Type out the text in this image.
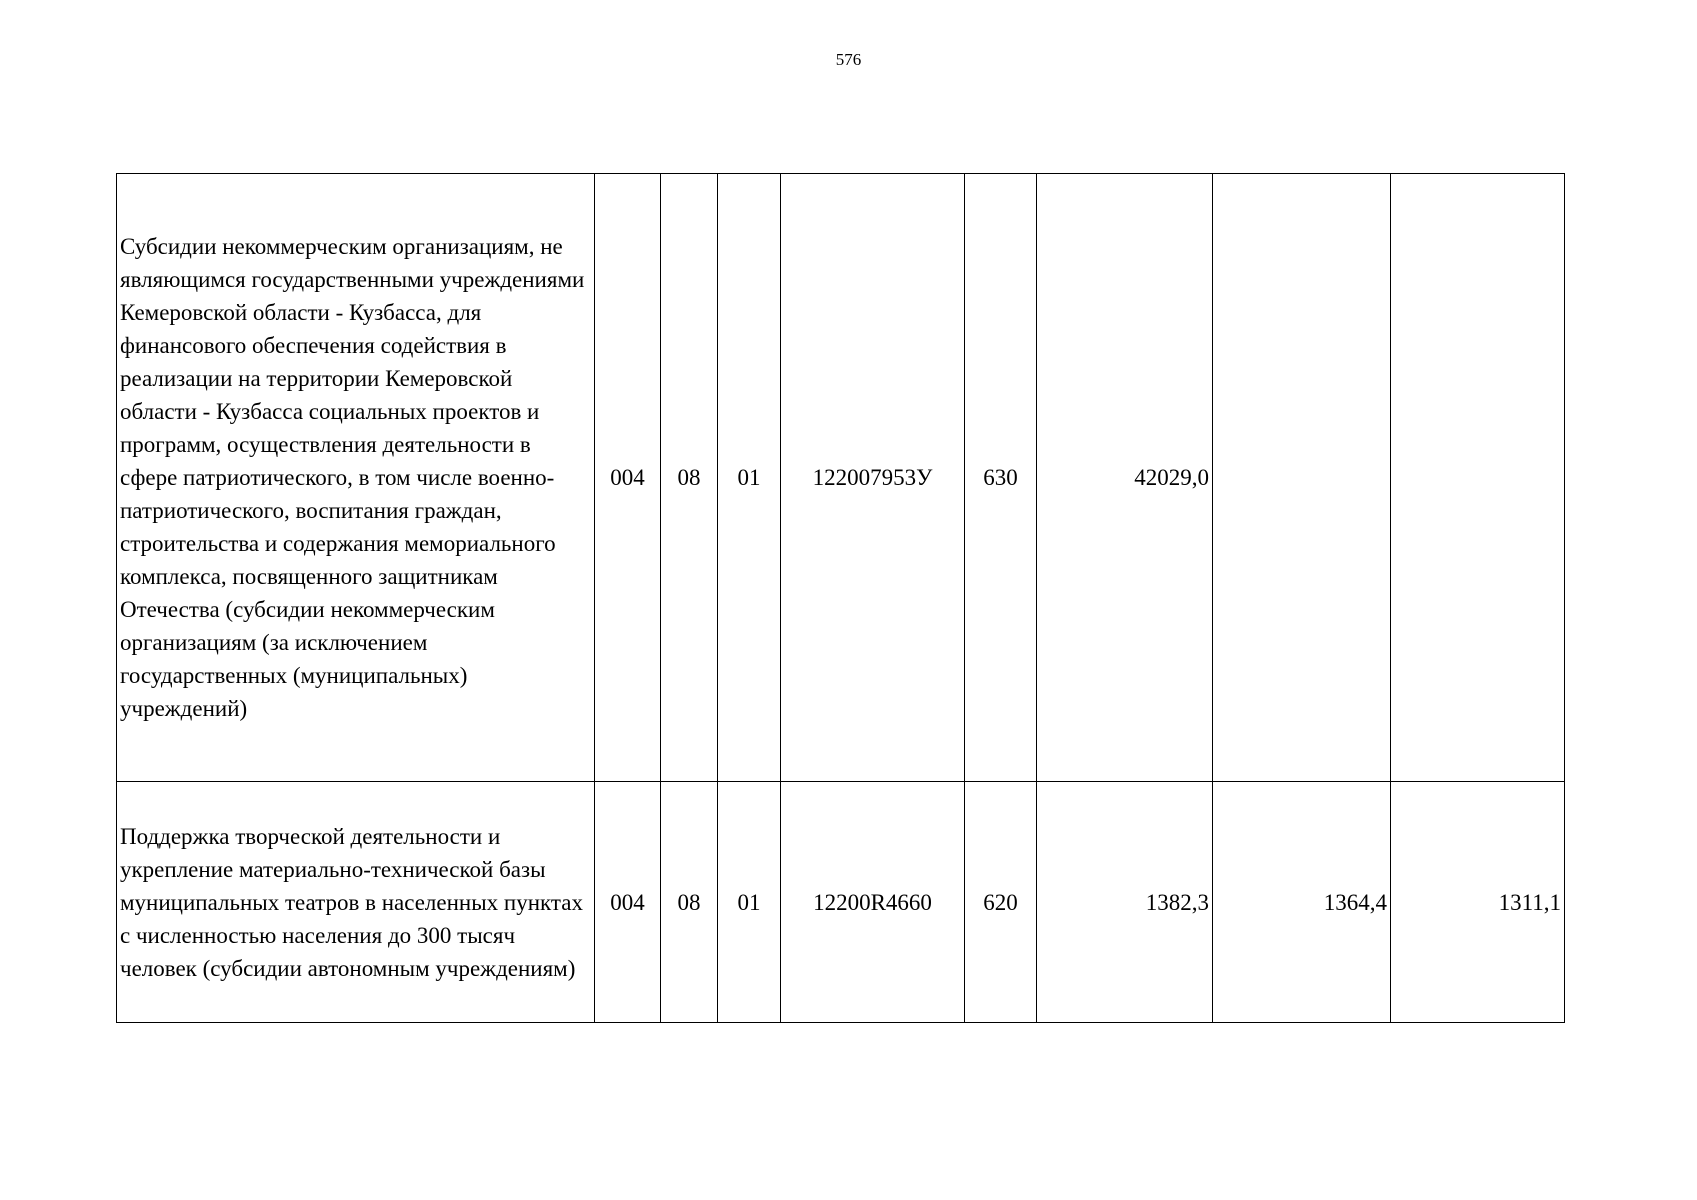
576
Субсидии некоммерческим организациям, не являющимся государственными учреждениями Кемеровской области - Кузбасса, для финансового обеспечения содействия в реализации на территории Кемеровской области - Кузбасса социальных проектов и программ, осуществления деятельности в сфере патриотического, в том числе военно-патриотического, воспитания граждан, строительства и содержания мемориального комплекса, посвященного защитникам Отечества (субсидии некоммерческим организациям (за исключением государственных (муниципальных) учреждений)	004	08	01	122007953У	630	42029,0		
Поддержка творческой деятельности и укрепление материально-технической базы муниципальных театров в населенных пунктах с численностью населения до 300 тысяч человек (субсидии автономным учреждениям)	004	08	01	12200R4660	620	1382,3	1364,4	1311,1
